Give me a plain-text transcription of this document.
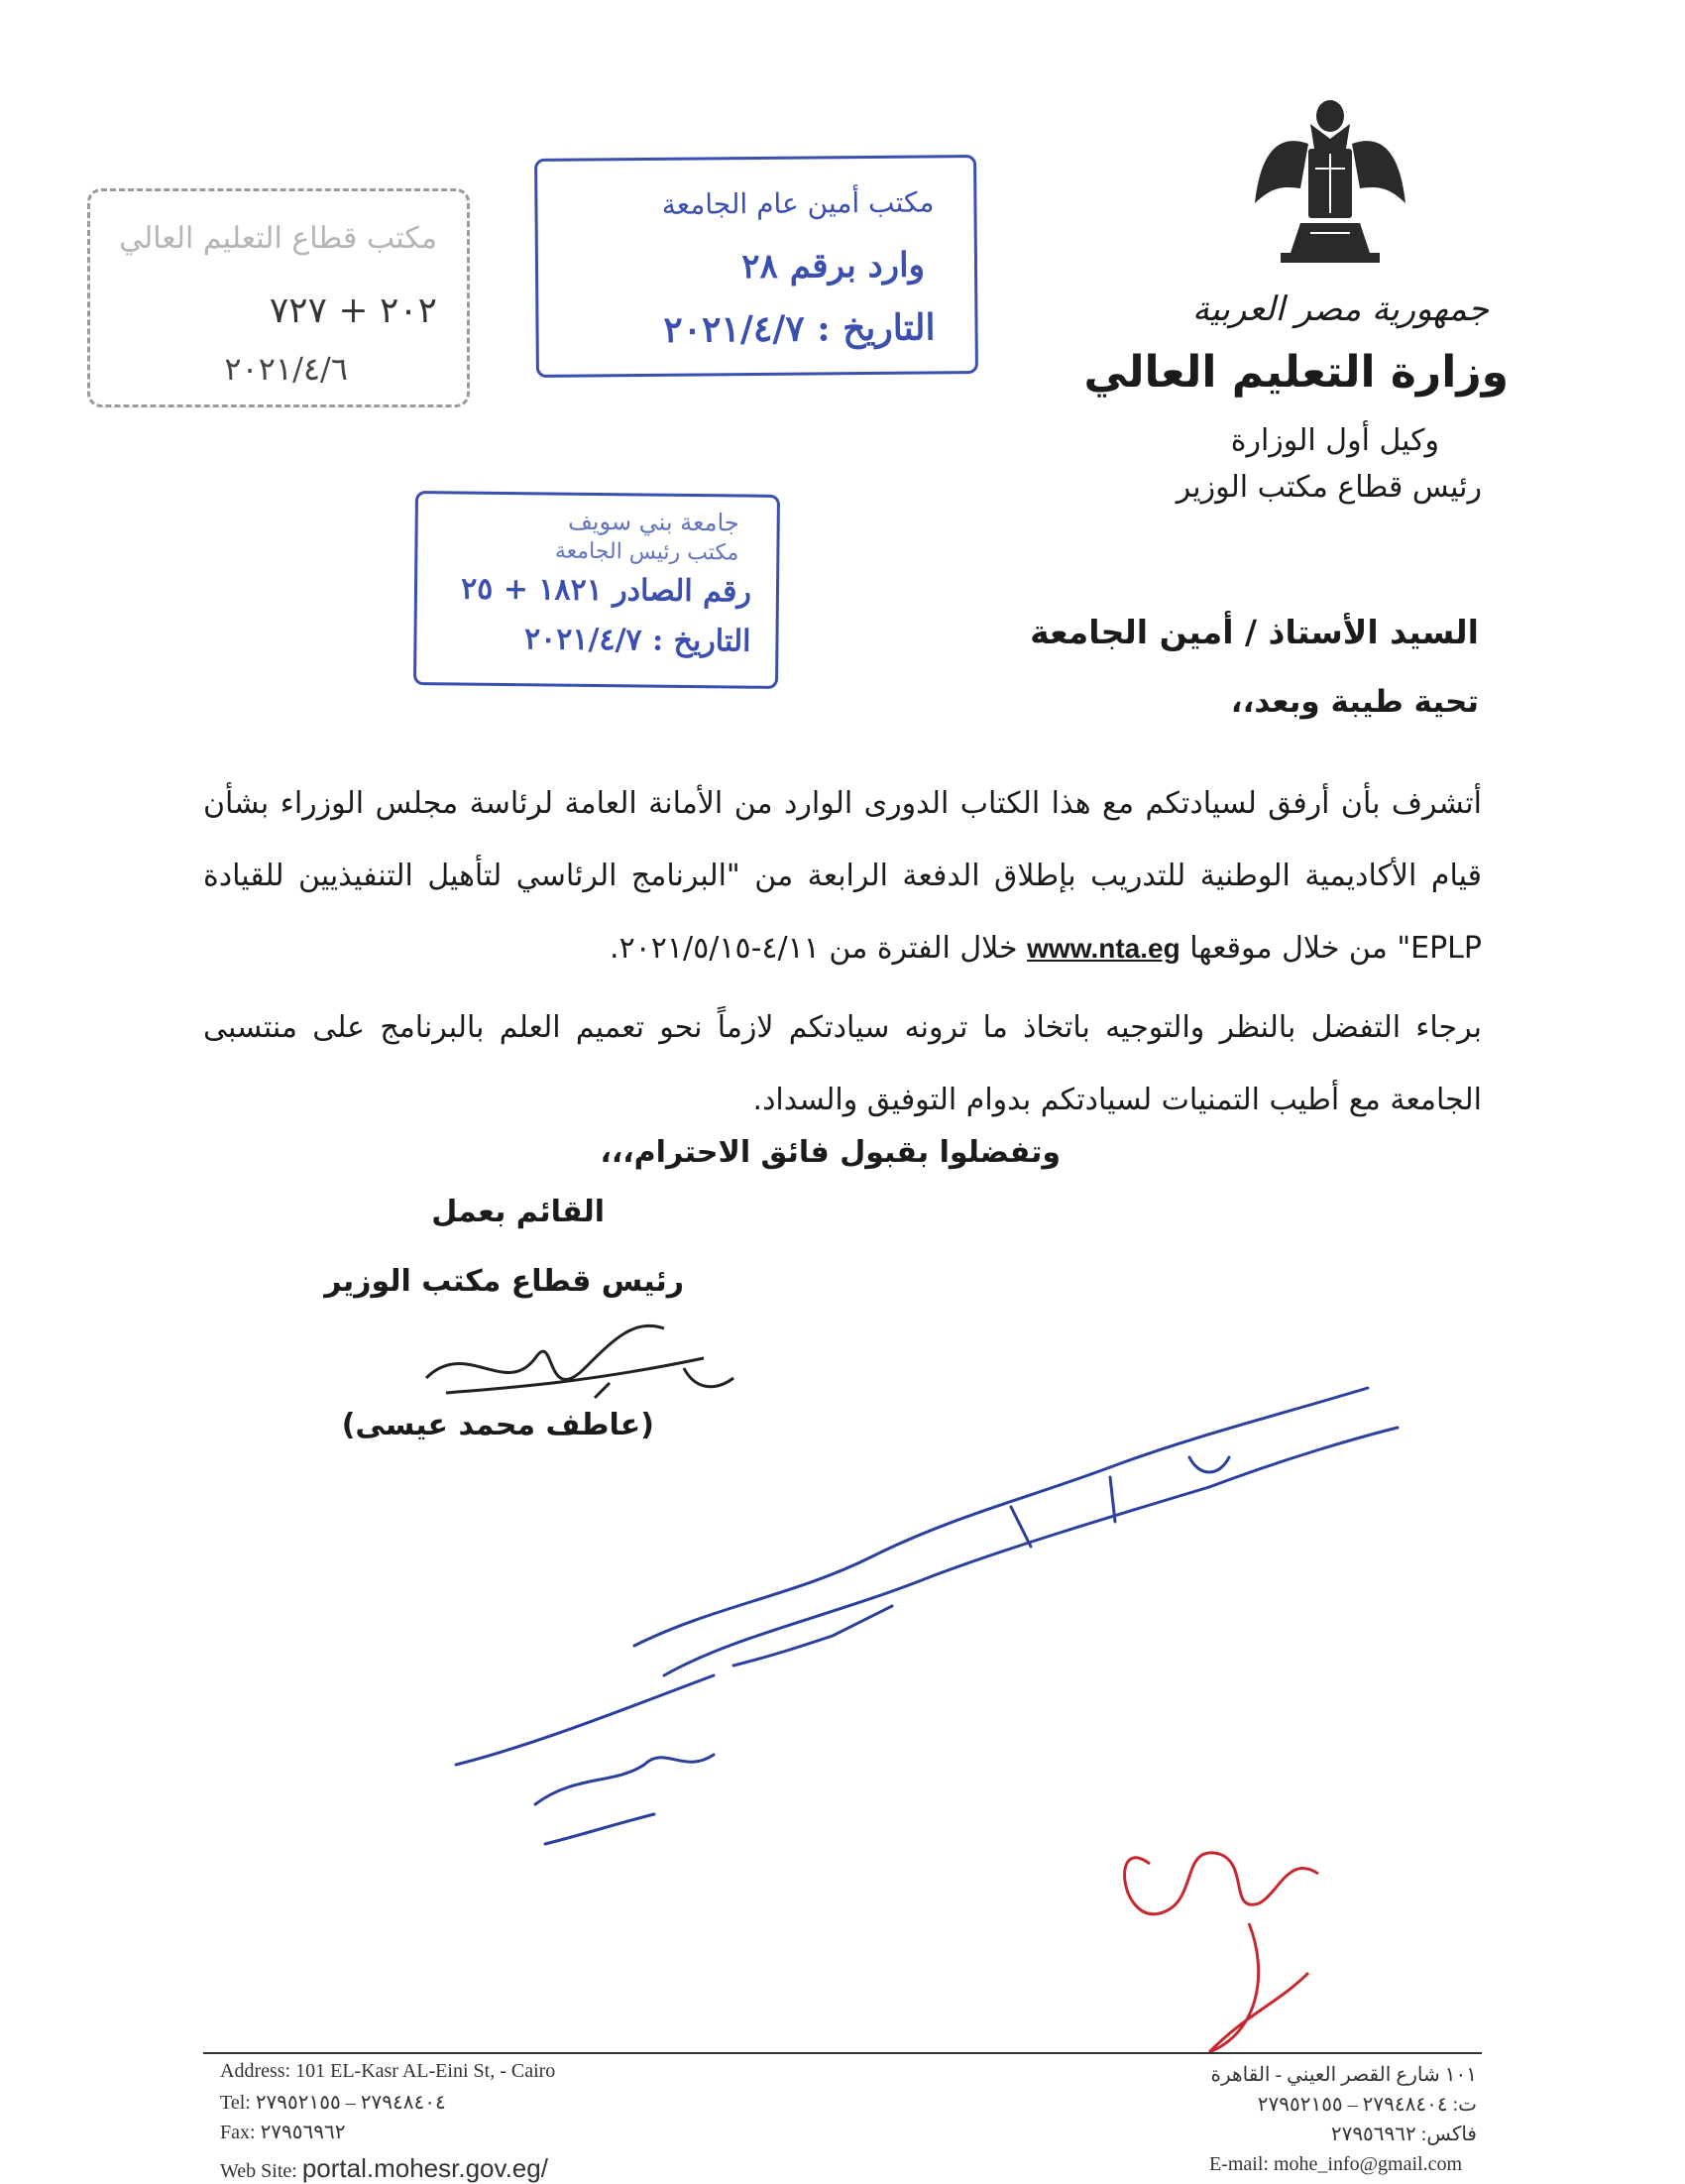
جمهورية مصر العربية
وزارة التعليم العالي
وكيل أول الوزارة
رئيس قطاع مكتب الوزير
مكتب أمين عام الجامعة
وارد برقم ٢٨
التاريخ : ٢٠٢١/٤/٧
مكتب قطاع التعليم العالي
٢٠٢ + ٧٢٧
٢٠٢١/٤/٦
جامعة بني سويف
مكتب رئيس الجامعة
رقم الصادر ١٨٢١ + ٢٥
التاريخ : ٢٠٢١/٤/٧	السيد الأستاذ / أمين الجامعة
تحية طيبة وبعد،،
أتشرف بأن أرفق لسيادتكم مع هذا الكتاب الدورى الوارد من الأمانة العامة لرئاسة مجلس الوزراء بشأن قيام الأكاديمية الوطنية للتدريب بإطلاق الدفعة الرابعة من "البرنامج الرئاسي لتأهيل التنفيذيين للقيادة EPLP" من خلال موقعها www.nta.eg خلال الفترة من ٤/١١-٢٠٢١/٥/١٥.
برجاء التفضل بالنظر والتوجيه باتخاذ ما ترونه سيادتكم لازماً نحو تعميم العلم بالبرنامج على منتسبى الجامعة مع أطيب التمنيات لسيادتكم بدوام التوفيق والسداد.
وتفضلوا بقبول فائق الاحترام،،،
القائم بعمل
رئيس قطاع مكتب الوزير
(عاطف محمد عيسى)
Address: 101 EL-Kasr AL-Eini St, - Cairo
Tel: ٢٧٩٤٨٤٠٤ – ٢٧٩٥٢١٥٥
Fax: ٢٧٩٥٦٩٦٢
Web Site: portal.mohesr.gov.eg/
١٠١ شارع القصر العيني - القاهرة
ت: ٢٧٩٤٨٤٠٤ – ٢٧٩٥٢١٥٥
فاكس: ٢٧٩٥٦٩٦٢
E-mail: mohe_info@gmail.com
